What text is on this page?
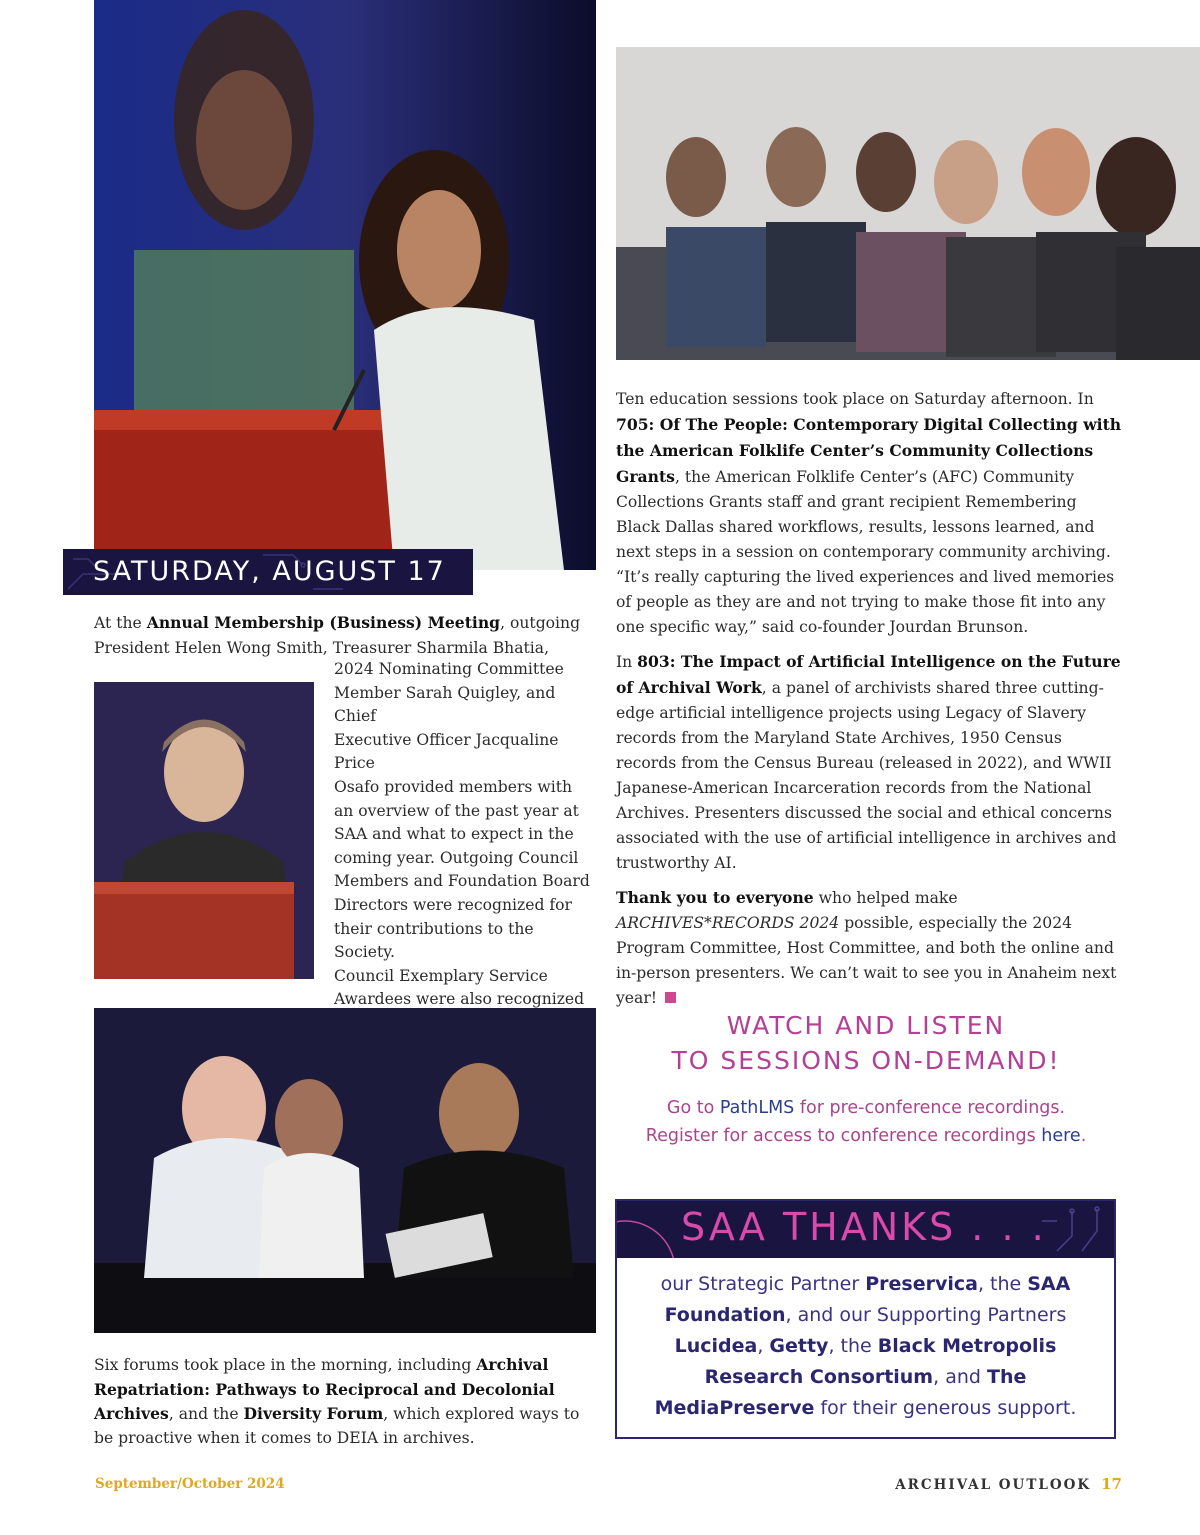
SATURDAY, AUGUST 17
At the Annual Membership (Business) Meeting, outgoing
President Helen Wong Smith, Treasurer Sharmila Bhatia,
2024 Nominating Committee
Member Sarah Quigley, and Chief
Executive Officer Jacqualine Price
Osafo provided members with
an overview of the past year at
SAA and what to expect in the
coming year. Outgoing Council
Members and Foundation Board
Directors were recognized for
their contributions to the Society.
Council Exemplary Service
Awardees were also recognized

Six forums took place in the morning, including Archival Repatriation: Pathways to Reciprocal and Decolonial Archives, and the Diversity Forum, which explored ways to be proactive when it comes to DEIA in archives.

Ten education sessions took place on Saturday afternoon. In 705: Of The People: Contemporary Digital Collecting with the American Folklife Center’s Community Collections Grants, the American Folklife Center’s (AFC) Community Collections Grants staff and grant recipient Remembering Black Dallas shared workflows, results, lessons learned, and next steps in a session on contemporary community archiving. “It’s really capturing the lived experiences and lived memories of people as they are and not trying to make those fit into any one specific way,” said co-founder Jourdan Brunson.

In 803: The Impact of Artificial Intelligence on the Future of Archival Work, a panel of archivists shared three cutting-edge artificial intelligence projects using Legacy of Slavery records from the Maryland State Archives, 1950 Census records from the Census Bureau (released in 2022), and WWII Japanese-American Incarceration records from the National Archives. Presenters discussed the social and ethical concerns associated with the use of artificial intelligence in archives and trustworthy AI.

Thank you to everyone who helped make ARCHIVES*RECORDS 2024 possible, especially the 2024 Program Committee, Host Committee, and both the online and in-person presenters. We can’t wait to see you in Anaheim next year!

WATCH AND LISTEN
TO SESSIONS ON-DEMAND!
Go to PathLMS for pre-conference recordings. Register for access to conference recordings here.
SAA THANKS . . .
our Strategic Partner Preservica, the SAA Foundation, and our Supporting Partners Lucidea, Getty, the Black Metropolis Research Consortium, and The MediaPreserve for their generous support.
September/October 2024	ARCHIVAL OUTLOOK 17
